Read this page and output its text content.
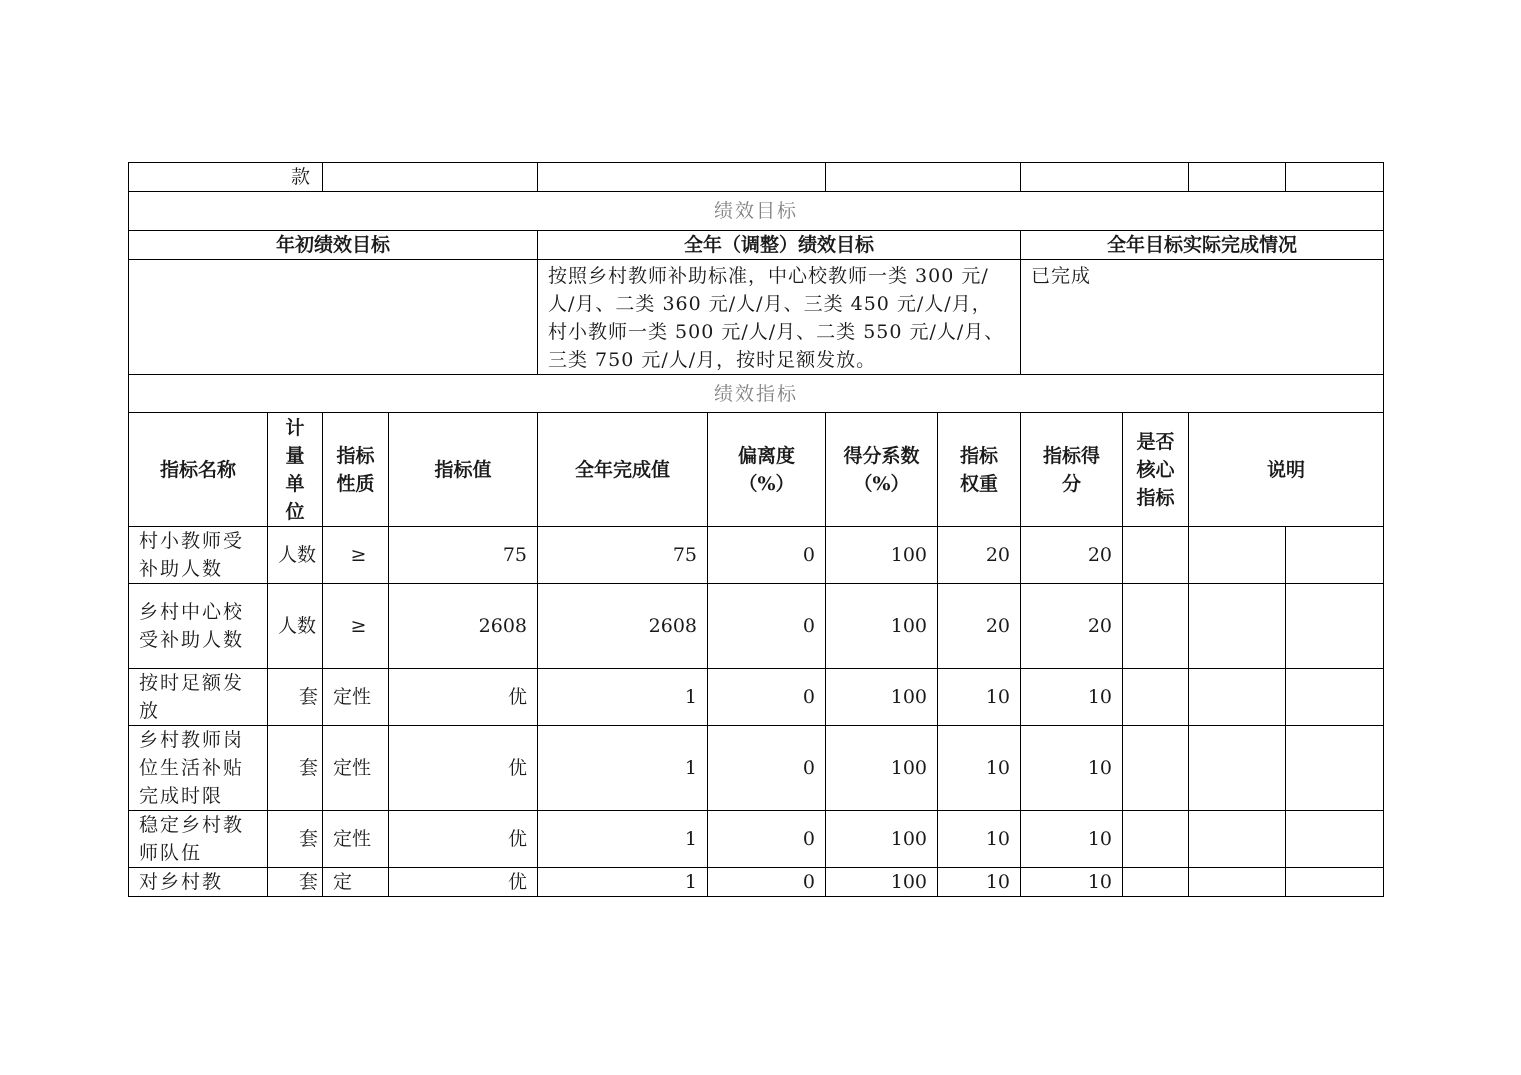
款											
绩效目标											
年初绩效目标				全年（调整）绩效目标				全年目标实际完成情况			
				按照乡村教师补助标准，中心校教师一类 300 元/人/月、二类 360 元/人/月、三类 450 元/人/月，村小教师一类 500 元/人/月、二类 550 元/人/月、三类 750 元/人/月，按时足额发放。				已完成			
绩效指标											
指标名称	计量单位	指标性质	指标值	全年完成值	偏离度（%）	得分系数（%）	指标权重	指标得分	是否核心指标	说明	
村小教师受补助人数	人数	≥	75	75	0	100	20	20			
乡村中心校受补助人数	人数	≥	2608	2608	0	100	20	20			
按时足额发放	套	定性	优	1	0	100	10	10			
乡村教师岗位生活补贴完成时限	套	定性	优	1	0	100	10	10			
稳定乡村教师队伍	套	定性	优	1	0	100	10	10			
对乡村教	套	定	优	1	0	100	10	10			
